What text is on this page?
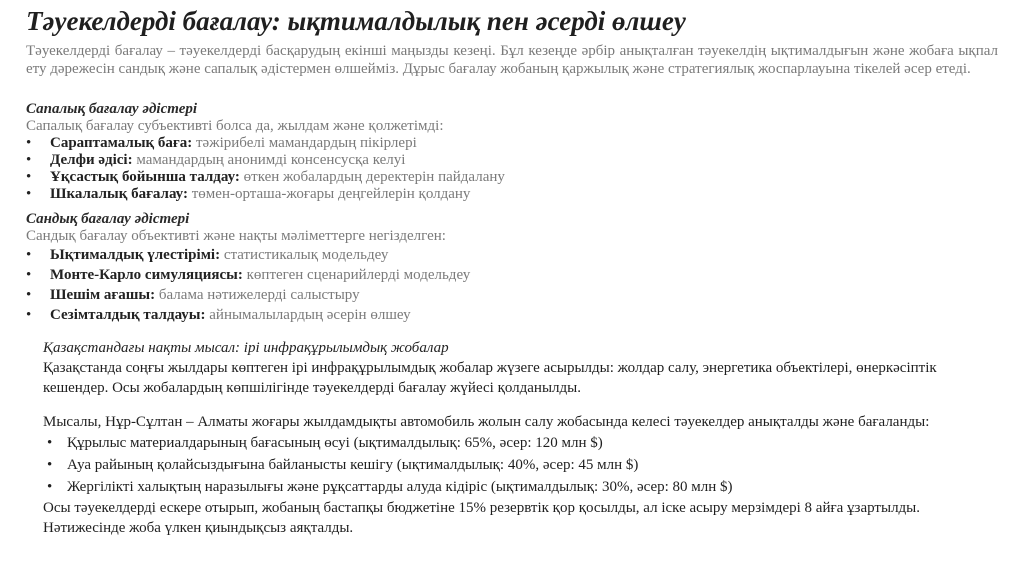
Тәуекелдерді бағалау: ықтималдылық пен әсерді өлшеу
Тәуекелдерді бағалау – тәуекелдерді басқарудың екінші маңызды кезеңі. Бұл кезеңде әрбір анықталған тәуекелдің ықтималдығын және жобаға ықпал ету дәрежесін сандық және сапалық әдістермен өлшейміз. Дұрыс бағалау жобаның қаржылық және стратегиялық жоспарлауына тікелей әсер етеді.
Сапалық бағалау әдістері
Сапалық бағалау субъективті болса да, жылдам және қолжетімді:
• Сараптамалық баға: тәжірибелі мамандардың пікірлері
• Делфи әдісі: мамандардың анонимді консенсусқа келуі
• Ұқсастық бойынша талдау: өткен жобалардың деректерін пайдалану
• Шкалалық бағалау: төмен-орташа-жоғары деңгейлерін қолдану
Сандық бағалау әдістері
Сандық бағалау объективті және нақты мәліметтерге негізделген:
• Ықтималдық үлестірімі: статистикалық модельдеу
• Монте-Карло симуляциясы: көптеген сценарийлерді модельдеу
• Шешім ағашы: балама нәтижелерді салыстыру
• Сезімталдық талдауы: айнымалылардың әсерін өлшеу
Қазақстандағы нақты мысал: ірі инфрақұрылымдық жобалар
Қазақстанда соңғы жылдары көптеген ірі инфрақұрылымдық жобалар жүзеге асырылды: жолдар салу, энергетика объектілері, өнеркәсіптік кешендер. Осы жобалардың көпшілігінде тәуекелдерді бағалау жүйесі қолданылды.
Мысалы, Нұр-Сұлтан – Алматы жоғары жылдамдықты автомобиль жолын салу жобасында келесі тәуекелдер анықталды және бағаланды:
• Құрылыс материалдарының бағасының өсуі (ықтималдылық: 65%, әсер: 120 млн $)
• Ауа райының қолайсыздығына байланысты кешігу (ықтималдылық: 40%, әсер: 45 млн $)
• Жергілікті халықтың наразылығы және рұқсаттарды алуда кідіріс (ықтималдылық: 30%, әсер: 80 млн $)
Осы тәуекелдерді ескере отырып, жобаның бастапқы бюджетіне 15% резервтік қор қосылды, ал іске асыру мерзімдері 8 айға ұзартылды. Нәтижесінде жоба үлкен қиындықсыз аяқталды.
